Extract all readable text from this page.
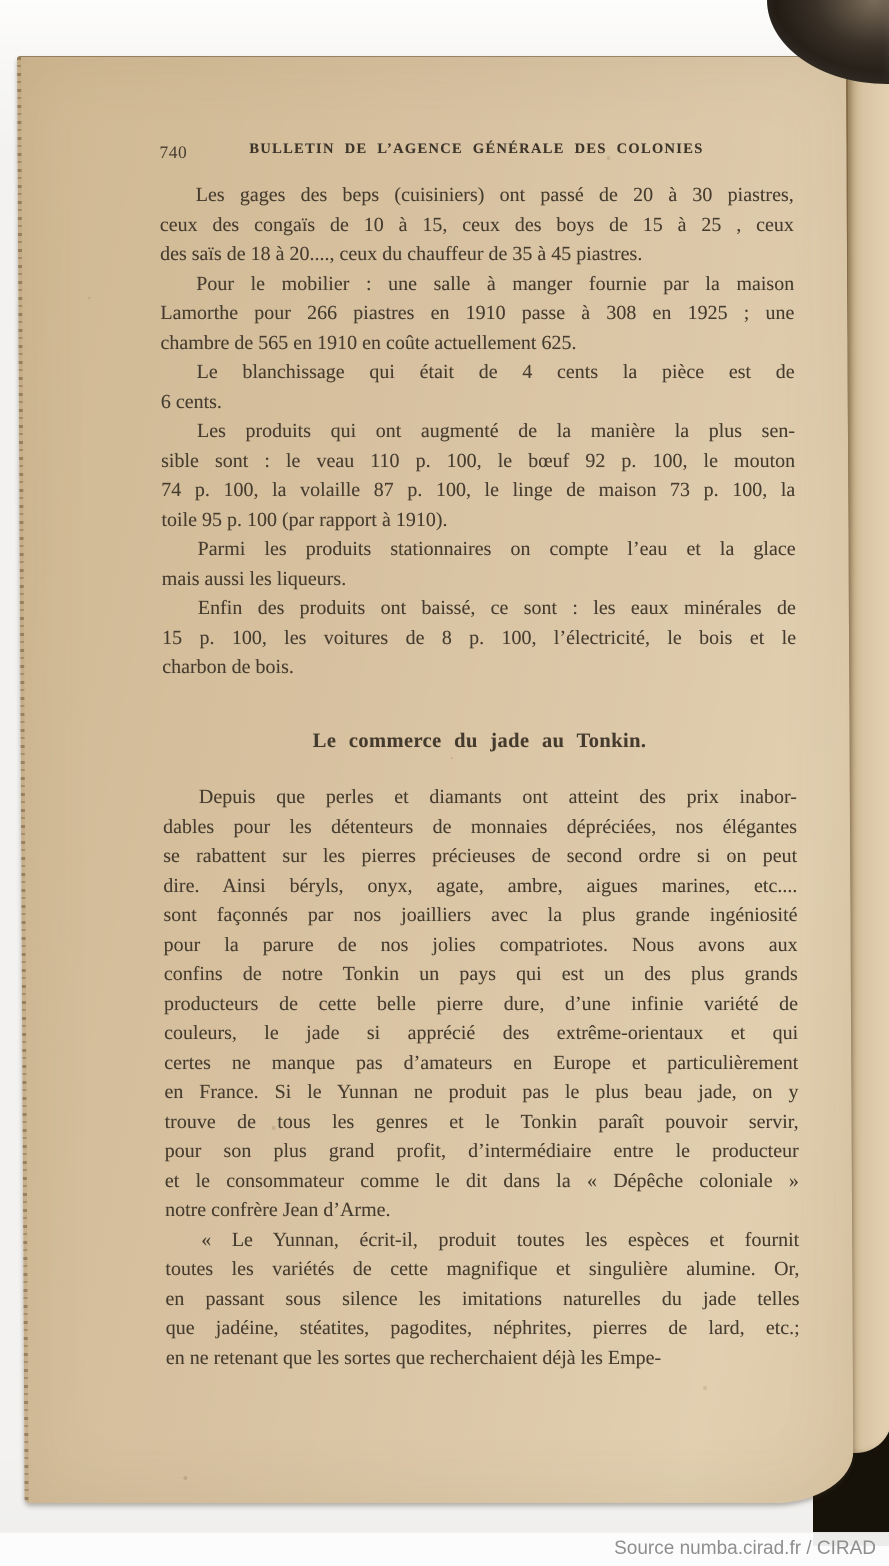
740	BULLETIN DE L’AGENCE GÉNÉRALE DES COLONIES

Les gages des beps (cuisiniers) ont passé de 20 à 30 piastres,
ceux des congaïs de 10 à 15, ceux des boys de 15 à 25 , ceux
des saïs de 18 à 20...., ceux du chauffeur de 35 à 45 piastres.

Pour le mobilier : une salle à manger fournie par la maison
Lamorthe pour 266 piastres en 1910 passe à 308 en 1925 ; une
chambre de 565 en 1910 en coûte actuellement 625.

Le blanchissage qui était de 4 cents la pièce est de
6 cents.

Les produits qui ont augmenté de la manière la plus sen-
sible sont : le veau 110 p. 100, le bœuf 92 p. 100, le mouton
74 p. 100, la volaille 87 p. 100, le linge de maison 73 p. 100, la
toile 95 p. 100 (par rapport à 1910).

Parmi les produits stationnaires on compte l’eau et la glace
mais aussi les liqueurs.

Enfin des produits ont baissé, ce sont : les eaux minérales de
15 p. 100, les voitures de 8 p. 100, l’électricité, le bois et le
charbon de bois.

Le commerce du jade au Tonkin.

Depuis que perles et diamants ont atteint des prix inabor-
dables pour les détenteurs de monnaies dépréciées, nos élégantes
se rabattent sur les pierres précieuses de second ordre si on peut
dire. Ainsi béryls, onyx, agate, ambre, aigues marines, etc....
sont façonnés par nos joailliers avec la plus grande ingéniosité
pour la parure de nos jolies compatriotes. Nous avons aux
confins de notre Tonkin un pays qui est un des plus grands
producteurs de cette belle pierre dure, d’une infinie variété de
couleurs, le jade si apprécié des extrême-orientaux et qui
certes ne manque pas d’amateurs en Europe et particulièrement
en France. Si le Yunnan ne produit pas le plus beau jade, on y
trouve de tous les genres et le Tonkin paraît pouvoir servir,
pour son plus grand profit, d’intermédiaire entre le producteur
et le consommateur comme le dit dans la « Dépêche coloniale »
notre confrère Jean d’Arme.

« Le Yunnan, écrit-il, produit toutes les espèces et fournit
toutes les variétés de cette magnifique et singulière alumine. Or,
en passant sous silence les imitations naturelles du jade telles
que jadéine, stéatites, pagodites, néphrites, pierres de lard, etc.;
en ne retenant que les sortes que recherchaient déjà les Empe-

Source numba.cirad.fr / CIRAD
